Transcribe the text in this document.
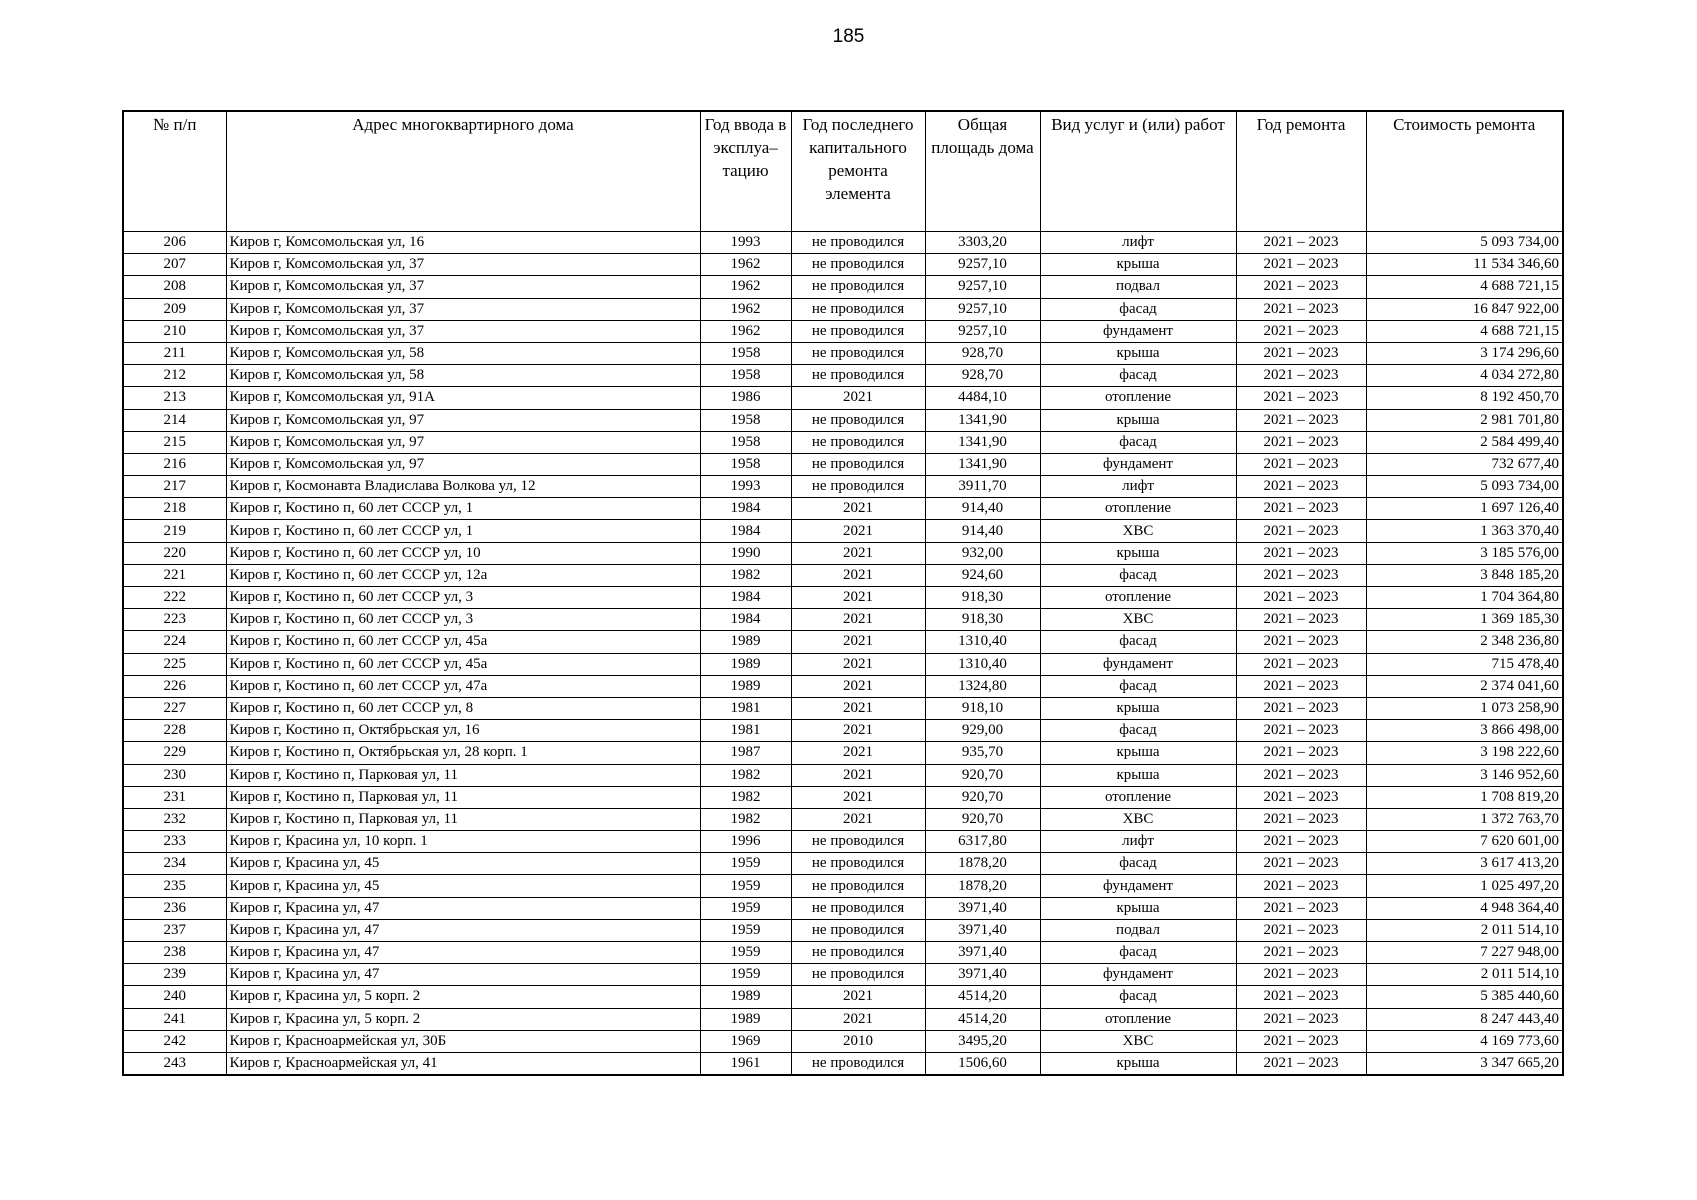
185
№ п/п	Адрес многоквартирного дома	Год ввода в эксплуа–тацию	Год последнего капитального ремонта элемента	Общая площадь дома	Вид услуг и (или) работ	Год ремонта	Стоимость ремонта
206	Киров г, Комсомольская ул, 16	1993	не проводился	3303,20	лифт	2021 – 2023	5 093 734,00
207	Киров г, Комсомольская ул, 37	1962	не проводился	9257,10	крыша	2021 – 2023	11 534 346,60
208	Киров г, Комсомольская ул, 37	1962	не проводился	9257,10	подвал	2021 – 2023	4 688 721,15
209	Киров г, Комсомольская ул, 37	1962	не проводился	9257,10	фасад	2021 – 2023	16 847 922,00
210	Киров г, Комсомольская ул, 37	1962	не проводился	9257,10	фундамент	2021 – 2023	4 688 721,15
211	Киров г, Комсомольская ул, 58	1958	не проводился	928,70	крыша	2021 – 2023	3 174 296,60
212	Киров г, Комсомольская ул, 58	1958	не проводился	928,70	фасад	2021 – 2023	4 034 272,80
213	Киров г, Комсомольская ул, 91А	1986	2021	4484,10	отопление	2021 – 2023	8 192 450,70
214	Киров г, Комсомольская ул, 97	1958	не проводился	1341,90	крыша	2021 – 2023	2 981 701,80
215	Киров г, Комсомольская ул, 97	1958	не проводился	1341,90	фасад	2021 – 2023	2 584 499,40
216	Киров г, Комсомольская ул, 97	1958	не проводился	1341,90	фундамент	2021 – 2023	732 677,40
217	Киров г, Космонавта Владислава Волкова ул, 12	1993	не проводился	3911,70	лифт	2021 – 2023	5 093 734,00
218	Киров г, Костино п, 60 лет СССР ул, 1	1984	2021	914,40	отопление	2021 – 2023	1 697 126,40
219	Киров г, Костино п, 60 лет СССР ул, 1	1984	2021	914,40	ХВС	2021 – 2023	1 363 370,40
220	Киров г, Костино п, 60 лет СССР ул, 10	1990	2021	932,00	крыша	2021 – 2023	3 185 576,00
221	Киров г, Костино п, 60 лет СССР ул, 12а	1982	2021	924,60	фасад	2021 – 2023	3 848 185,20
222	Киров г, Костино п, 60 лет СССР ул, 3	1984	2021	918,30	отопление	2021 – 2023	1 704 364,80
223	Киров г, Костино п, 60 лет СССР ул, 3	1984	2021	918,30	ХВС	2021 – 2023	1 369 185,30
224	Киров г, Костино п, 60 лет СССР ул, 45а	1989	2021	1310,40	фасад	2021 – 2023	2 348 236,80
225	Киров г, Костино п, 60 лет СССР ул, 45а	1989	2021	1310,40	фундамент	2021 – 2023	715 478,40
226	Киров г, Костино п, 60 лет СССР ул, 47а	1989	2021	1324,80	фасад	2021 – 2023	2 374 041,60
227	Киров г, Костино п, 60 лет СССР ул, 8	1981	2021	918,10	крыша	2021 – 2023	1 073 258,90
228	Киров г, Костино п, Октябрьская ул, 16	1981	2021	929,00	фасад	2021 – 2023	3 866 498,00
229	Киров г, Костино п, Октябрьская ул, 28 корп. 1	1987	2021	935,70	крыша	2021 – 2023	3 198 222,60
230	Киров г, Костино п, Парковая ул, 11	1982	2021	920,70	крыша	2021 – 2023	3 146 952,60
231	Киров г, Костино п, Парковая ул, 11	1982	2021	920,70	отопление	2021 – 2023	1 708 819,20
232	Киров г, Костино п, Парковая ул, 11	1982	2021	920,70	ХВС	2021 – 2023	1 372 763,70
233	Киров г, Красина ул, 10 корп. 1	1996	не проводился	6317,80	лифт	2021 – 2023	7 620 601,00
234	Киров г, Красина ул, 45	1959	не проводился	1878,20	фасад	2021 – 2023	3 617 413,20
235	Киров г, Красина ул, 45	1959	не проводился	1878,20	фундамент	2021 – 2023	1 025 497,20
236	Киров г, Красина ул, 47	1959	не проводился	3971,40	крыша	2021 – 2023	4 948 364,40
237	Киров г, Красина ул, 47	1959	не проводился	3971,40	подвал	2021 – 2023	2 011 514,10
238	Киров г, Красина ул, 47	1959	не проводился	3971,40	фасад	2021 – 2023	7 227 948,00
239	Киров г, Красина ул, 47	1959	не проводился	3971,40	фундамент	2021 – 2023	2 011 514,10
240	Киров г, Красина ул, 5 корп. 2	1989	2021	4514,20	фасад	2021 – 2023	5 385 440,60
241	Киров г, Красина ул, 5 корп. 2	1989	2021	4514,20	отопление	2021 – 2023	8 247 443,40
242	Киров г, Красноармейская ул, 30Б	1969	2010	3495,20	ХВС	2021 – 2023	4 169 773,60
243	Киров г, Красноармейская ул, 41	1961	не проводился	1506,60	крыша	2021 – 2023	3 347 665,20
